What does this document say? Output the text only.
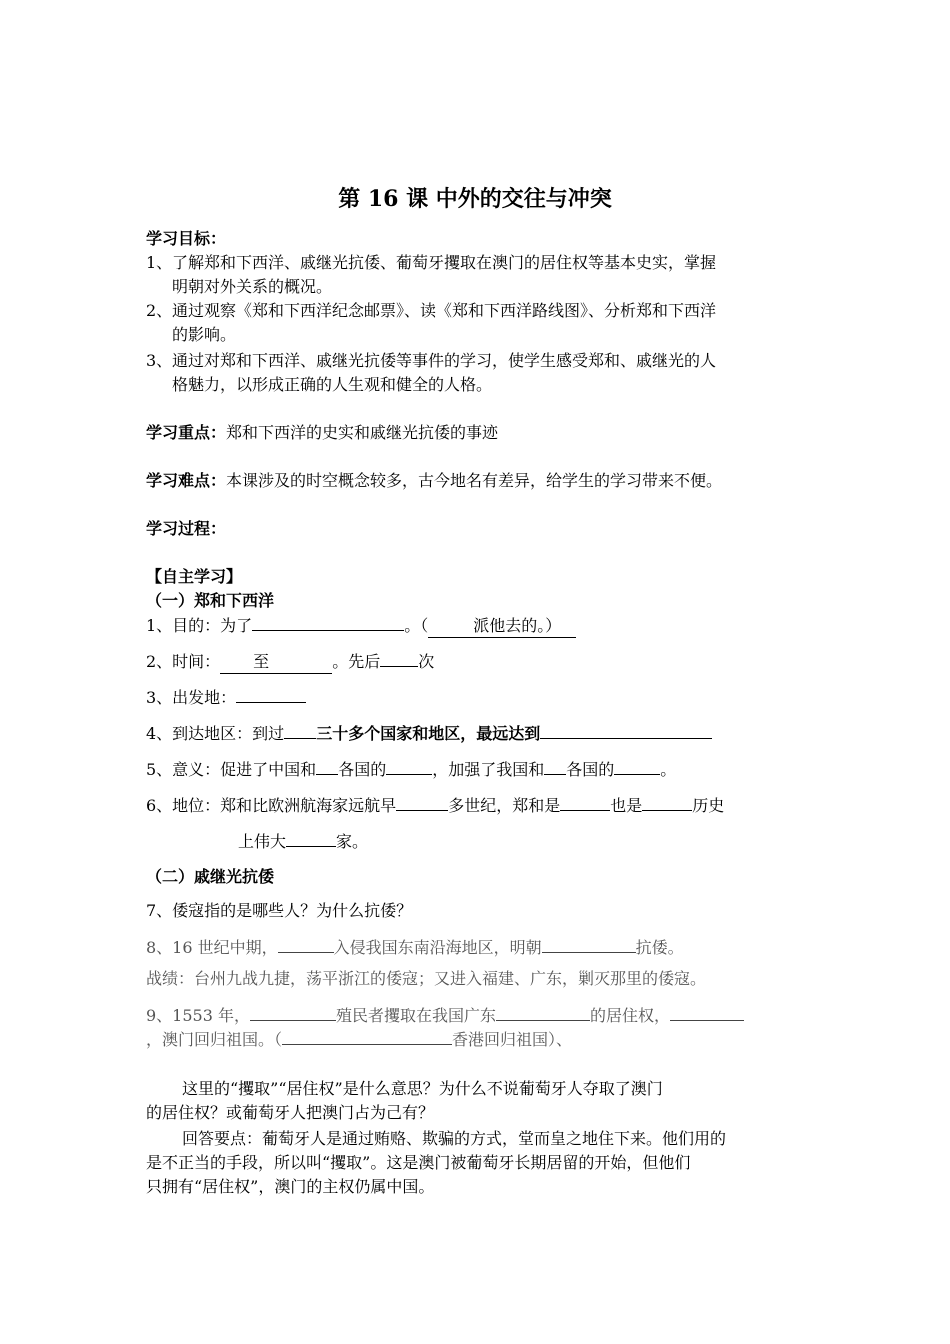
第 16 课 中外的交往与冲突
学习目标：
1、了解郑和下西洋、戚继光抗倭、葡萄牙攫取在澳门的居住权等基本史实，掌握
明朝对外关系的概况。
2、通过观察《郑和下西洋纪念邮票》、读《郑和下西洋路线图》、分析郑和下西洋
的影响。
3、通过对郑和下西洋、戚继光抗倭等事件的学习，使学生感受郑和、戚继光的人
格魅力，以形成正确的人生观和健全的人格。
学习重点：郑和下西洋的史实和戚继光抗倭的事迹
学习难点：本课涉及的时空概念较多，古今地名有差异，给学生的学习带来不便。
学习过程：
【自主学习】
（一）郑和下西洋
1、目的：为了	。（	派他去的。）
2、时间： 至	。先后 次
3、出发地：
4、到达地区：到过 三十多个国家和地区，最远达到
5、意义：促进了中国和 各国的	，加强了我国和 各国的	。
6、地位：郑和比欧洲航海家远航早	多世纪，郑和是	也是	历史
上伟大	家。
（二）戚继光抗倭
7、倭寇指的是哪些人？为什么抗倭？
8、16 世纪中期，	入侵我国东南沿海地区，明朝	抗倭。
战绩：台州九战九捷，荡平浙江的倭寇；又进入福建、广东，剿灭那里的倭寇。
9、1553 年，	殖民者攫取在我国广东	的居住权，
，澳门回归祖国。（	香港回归祖国）、
这里的“攫取”“居住权”是什么意思？为什么不说葡萄牙人夺取了澳门
的居住权？或葡萄牙人把澳门占为己有？
回答要点：葡萄牙人是通过贿赂、欺骗的方式，堂而皇之地住下来。他们用的
是不正当的手段，所以叫“攫取”。这是澳门被葡萄牙长期居留的开始，但他们
只拥有“居住权”，澳门的主权仍属中国。
